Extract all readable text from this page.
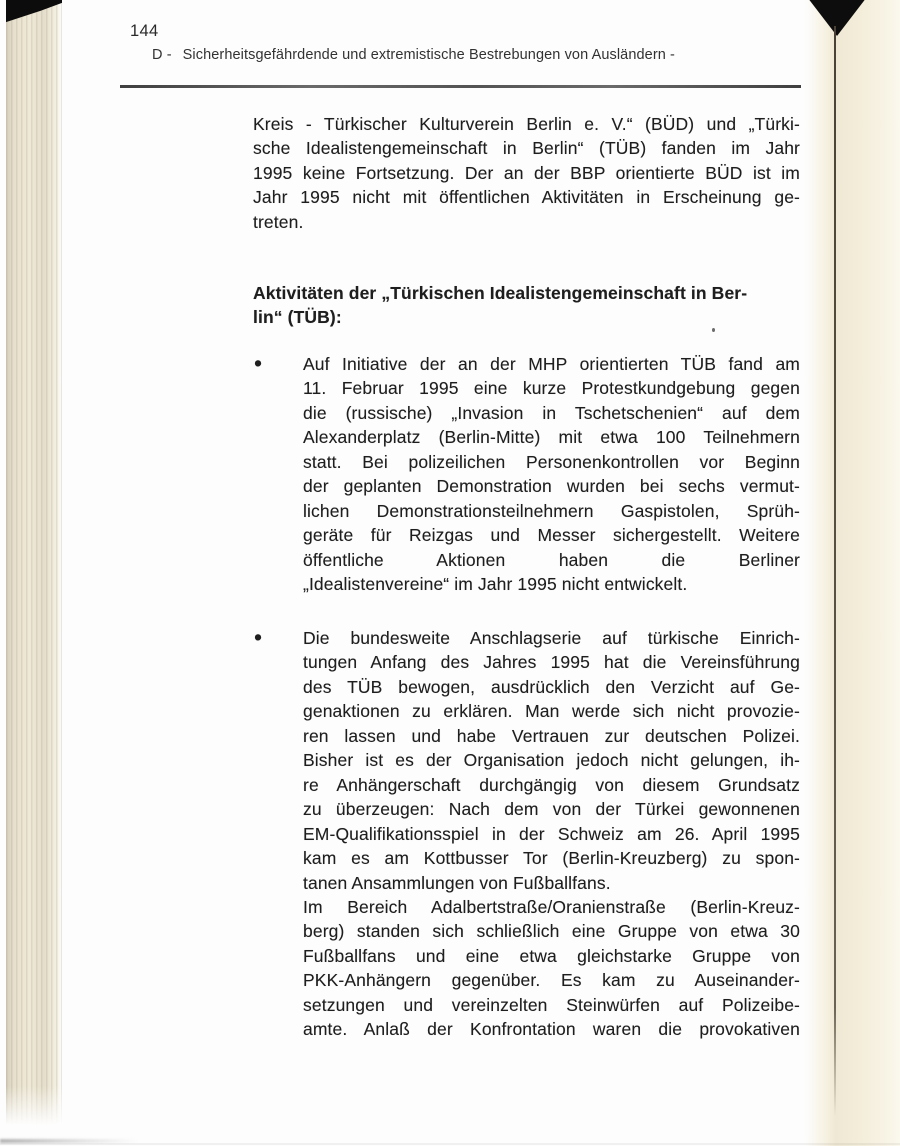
144
D - Sicherheitsgefährdende und extremistische Bestrebungen von Ausländern -
Kreis - Türkischer Kulturverein Berlin e. V.“ (BÜD) und „Türki-
sche Idealistengemeinschaft in Berlin“ (TÜB) fanden im Jahr
1995 keine Fortsetzung. Der an der BBP orientierte BÜD ist im
Jahr 1995 nicht mit öffentlichen Aktivitäten in Erscheinung ge-
treten.
Aktivitäten der „Türkischen Idealistengemeinschaft in Ber-
lin“ (TÜB):
• Auf Initiative der an der MHP orientierten TÜB fand am
11. Februar 1995 eine kurze Protestkundgebung gegen
die (russische) „Invasion in Tschetschenien“ auf dem
Alexanderplatz (Berlin-Mitte) mit etwa 100 Teilnehmern
statt. Bei polizeilichen Personenkontrollen vor Beginn
der geplanten Demonstration wurden bei sechs vermut-
lichen Demonstrationsteilnehmern Gaspistolen, Sprüh-
geräte für Reizgas und Messer sichergestellt. Weitere
öffentliche Aktionen haben die Berliner
„Idealistenvereine“ im Jahr 1995 nicht entwickelt.
• Die bundesweite Anschlagserie auf türkische Einrich-
tungen Anfang des Jahres 1995 hat die Vereinsführung
des TÜB bewogen, ausdrücklich den Verzicht auf Ge-
genaktionen zu erklären. Man werde sich nicht provozie-
ren lassen und habe Vertrauen zur deutschen Polizei.
Bisher ist es der Organisation jedoch nicht gelungen, ih-
re Anhängerschaft durchgängig von diesem Grundsatz
zu überzeugen: Nach dem von der Türkei gewonnenen
EM-Qualifikationsspiel in der Schweiz am 26. April 1995
kam es am Kottbusser Tor (Berlin-Kreuzberg) zu spon-
tanen Ansammlungen von Fußballfans.
Im Bereich Adalbertstraße/Oranienstraße (Berlin-Kreuz-
berg) standen sich schließlich eine Gruppe von etwa 30
Fußballfans und eine etwa gleichstarke Gruppe von
PKK-Anhängern gegenüber. Es kam zu Auseinander-
setzungen und vereinzelten Steinwürfen auf Polizeibe-
amte. Anlaß der Konfrontation waren die provokativen
